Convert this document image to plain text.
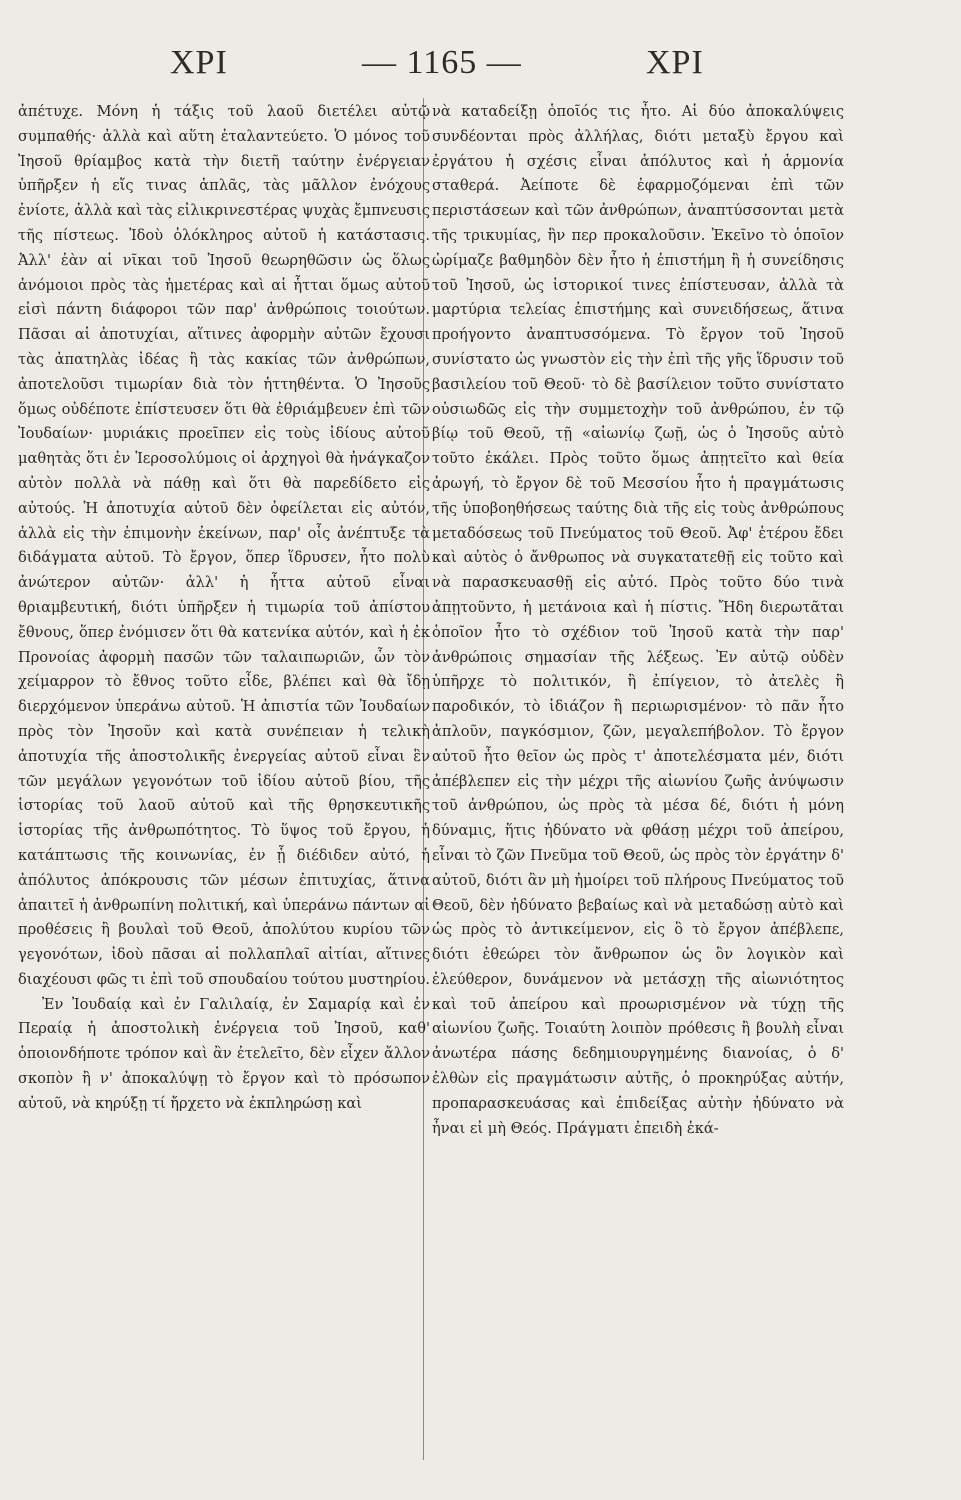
ΧΡΙ	— 1165 —	ΧΡΙ

ἀπέτυχε. Μόνη ἡ τάξις τοῦ λαοῦ διετέλει αὐτῷ συμπαθής· ἀλλὰ καὶ αὕτη ἐταλαντεύετο. Ὁ μόνος τοῦ Ἰησοῦ θρίαμβος κατὰ τὴν διετῆ ταύτην ἐνέργειαν ὑπῆρξεν ἡ εἴς τινας ἁπλᾶς, τὰς μᾶλλον ἐνόχους ἐνίοτε, ἀλλὰ καὶ τὰς εἰλικρινεστέρας ψυχὰς ἔμπνευσις τῆς πίστεως. Ἰδοὺ ὁλόκληρος αὐτοῦ ἡ κατάστασις. Ἀλλ' ἐὰν αἱ νῖκαι τοῦ Ἰησοῦ θεωρηθῶσιν ὡς ὅλως ἀνόμοιοι πρὸς τὰς ἡμετέρας καὶ αἱ ἧτται ὅμως αὐτοῦ εἰσὶ πάντη διάφοροι τῶν παρ' ἀνθρώποις τοιούτων. Πᾶσαι αἱ ἀποτυχίαι, αἵτινες ἀφορμὴν αὐτῶν ἔχουσι τὰς ἀπατηλὰς ἰδέας ἢ τὰς κακίας τῶν ἀνθρώπων, ἀποτελοῦσι τιμωρίαν διὰ τὸν ἡττηθέντα. Ὁ Ἰησοῦς ὅμως οὐδέποτε ἐπίστευσεν ὅτι θὰ ἐθριάμβευεν ἐπὶ τῶν Ἰουδαίων· μυριάκις προεῖπεν εἰς τοὺς ἰδίους αὐτοῦ μαθητὰς ὅτι ἐν Ἱεροσολύμοις οἱ ἀρχηγοὶ θὰ ἠνάγκαζον αὐτὸν πολλὰ νὰ πάθῃ καὶ ὅτι θὰ παρεδίδετο εἰς αὐτούς. Ἡ ἀποτυχία αὐτοῦ δὲν ὀφείλεται εἰς αὐτόν, ἀλλὰ εἰς τὴν ἐπιμονὴν ἐκείνων, παρ' οἷς ἀνέπτυξε τὰ διδάγματα αὐτοῦ. Τὸ ἔργον, ὅπερ ἵδρυσεν, ἦτο πολὺ ἀνώτερον αὐτῶν· ἀλλ' ἡ ἧττα αὐτοῦ εἶναι θριαμβευτική, διότι ὑπῆρξεν ἡ τιμωρία τοῦ ἀπίστου ἔθνους, ὅπερ ἐνόμισεν ὅτι θὰ κατενίκα αὐτόν, καὶ ἡ ἐκ Προνοίας ἀφορμὴ πασῶν τῶν ταλαιπωριῶν, ὧν τὸν χείμαρρον τὸ ἔθνος τοῦτο εἶδε, βλέπει καὶ θὰ ἴδῃ διερχόμενον ὑπεράνω αὐτοῦ. Ἡ ἀπιστία τῶν Ἰουδαίων πρὸς τὸν Ἰησοῦν καὶ κατὰ συνέπειαν ἡ τελικὴ ἀποτυχία τῆς ἀποστολικῆς ἐνεργείας αὐτοῦ εἶναι ἓν τῶν μεγάλων γεγονότων τοῦ ἰδίου αὐτοῦ βίου, τῆς ἱστορίας τοῦ λαοῦ αὐτοῦ καὶ τῆς θρησκευτικῆς ἱστορίας τῆς ἀνθρωπότητος. Τὸ ὕψος τοῦ ἔργου, ἡ κατάπτωσις τῆς κοινωνίας, ἐν ᾗ διέδιδεν αὐτό, ἡ ἀπόλυτος ἀπόκρουσις τῶν μέσων ἐπιτυχίας, ἅτινα ἀπαιτεῖ ἡ ἀνθρωπίνη πολιτική, καὶ ὑπεράνω πάντων αἱ προθέσεις ἢ βουλαὶ τοῦ Θεοῦ, ἀπολύτου κυρίου τῶν γεγονότων, ἰδοὺ πᾶσαι αἱ πολλαπλαῖ αἰτίαι, αἵτινες διαχέουσι φῶς τι ἐπὶ τοῦ σπουδαίου τούτου μυστηρίου.

Ἐν Ἰουδαίᾳ καὶ ἐν Γαλιλαίᾳ, ἐν Σαμαρίᾳ καὶ ἐν Περαίᾳ ἡ ἀποστολικὴ ἐνέργεια τοῦ Ἰησοῦ, καθ' ὁποιονδήποτε τρόπον καὶ ἂν ἐτελεῖτο, δὲν εἶχεν ἄλλον σκοπὸν ἢ ν' ἀποκαλύψῃ τὸ ἔργον καὶ τὸ πρόσωπον αὐτοῦ, νὰ κηρύξῃ τί ἤρχετο νὰ ἐκπληρώσῃ καὶ

νὰ καταδείξῃ ὁποῖός τις ἦτο. Αἱ δύο ἀποκαλύψεις συνδέονται πρὸς ἀλλήλας, διότι μεταξὺ ἔργου καὶ ἐργάτου ἡ σχέσις εἶναι ἀπόλυτος καὶ ἡ ἁρμονία σταθερά. Ἀείποτε δὲ ἐφαρμοζόμεναι ἐπὶ τῶν περιστάσεων καὶ τῶν ἀνθρώπων, ἀναπτύσσονται μετὰ τῆς τρικυμίας, ἣν περ προκαλοῦσιν. Ἐκεῖνο τὸ ὁποῖον ὡρίμαζε βαθμηδὸν δὲν ἦτο ἡ ἐπιστήμη ἢ ἡ συνείδησις τοῦ Ἰησοῦ, ὡς ἱστορικοί τινες ἐπίστευσαν, ἀλλὰ τὰ μαρτύρια τελείας ἐπιστήμης καὶ συνειδήσεως, ἅτινα προήγοντο ἀναπτυσσόμενα. Τὸ ἔργον τοῦ Ἰησοῦ συνίστατο ὡς γνωστὸν εἰς τὴν ἐπὶ τῆς γῆς ἵδρυσιν τοῦ βασιλείου τοῦ Θεοῦ· τὸ δὲ βασίλειον τοῦτο συνίστατο οὐσιωδῶς εἰς τὴν συμμετοχὴν τοῦ ἀνθρώπου, ἐν τῷ βίῳ τοῦ Θεοῦ, τῇ «αἰωνίῳ ζωῇ, ὡς ὁ Ἰησοῦς αὐτὸ τοῦτο ἐκάλει. Πρὸς τοῦτο ὅμως ἀπῃτεῖτο καὶ θεία ἀρωγή, τὸ ἔργον δὲ τοῦ Μεσσίου ἦτο ἡ πραγμάτωσις τῆς ὑποβοηθήσεως ταύτης διὰ τῆς εἰς τοὺς ἀνθρώπους μεταδόσεως τοῦ Πνεύματος τοῦ Θεοῦ. Ἀφ' ἑτέρου ἔδει καὶ αὐτὸς ὁ ἄνθρωπος νὰ συγκατατεθῇ εἰς τοῦτο καὶ νὰ παρασκευασθῇ εἰς αὐτό. Πρὸς τοῦτο δύο τινὰ ἀπῃτοῦντο, ἡ μετάνοια καὶ ἡ πίστις. Ἤδη διερωτᾶται ὁποῖον ἦτο τὸ σχέδιον τοῦ Ἰησοῦ κατὰ τὴν παρ' ἀνθρώποις σημασίαν τῆς λέξεως. Ἐν αὐτῷ οὐδὲν ὑπῆρχε τὸ πολιτικόν, ἢ ἐπίγειον, τὸ ἀτελὲς ἢ παροδικόν, τὸ ἰδιάζον ἢ περιωρισμένον· τὸ πᾶν ἦτο ἁπλοῦν, παγκόσμιον, ζῶν, μεγαλεπήβολον. Τὸ ἔργον αὐτοῦ ἦτο θεῖον ὡς πρὸς τ' ἀποτελέσματα μέν, διότι ἀπέβλεπεν εἰς τὴν μέχρι τῆς αἰωνίου ζωῆς ἀνύψωσιν τοῦ ἀνθρώπου, ὡς πρὸς τὰ μέσα δέ, διότι ἡ μόνη δύναμις, ἥτις ἠδύνατο νὰ φθάσῃ μέχρι τοῦ ἀπείρου, εἶναι τὸ ζῶν Πνεῦμα τοῦ Θεοῦ, ὡς πρὸς τὸν ἐργάτην δ' αὐτοῦ, διότι ἂν μὴ ἠμοίρει τοῦ πλήρους Πνεύματος τοῦ Θεοῦ, δὲν ἠδύνατο βεβαίως καὶ νὰ μεταδώσῃ αὐτὸ καὶ ὡς πρὸς τὸ ἀντικείμενον, εἰς ὃ τὸ ἔργον ἀπέβλεπε, διότι ἐθεώρει τὸν ἄνθρωπον ὡς ὂν λογικὸν καὶ ἐλεύθερον, δυνάμενον νὰ μετάσχῃ τῆς αἰωνιότητος καὶ τοῦ ἀπείρου καὶ προωρισμένον νὰ τύχῃ τῆς αἰωνίου ζωῆς. Τοιαύτη λοιπὸν πρόθεσις ἢ βουλὴ εἶναι ἀνωτέρα πάσης δεδημιουργημένης διανοίας, ὁ δ' ἐλθὼν εἰς πραγμάτωσιν αὐτῆς, ὁ προκηρύξας αὐτήν, προπαρασκευάσας καὶ ἐπιδείξας αὐτὴν ἠδύνατο νὰ ἦναι εἰ μὴ Θεός. Πράγματι ἐπειδὴ ἑκά-
